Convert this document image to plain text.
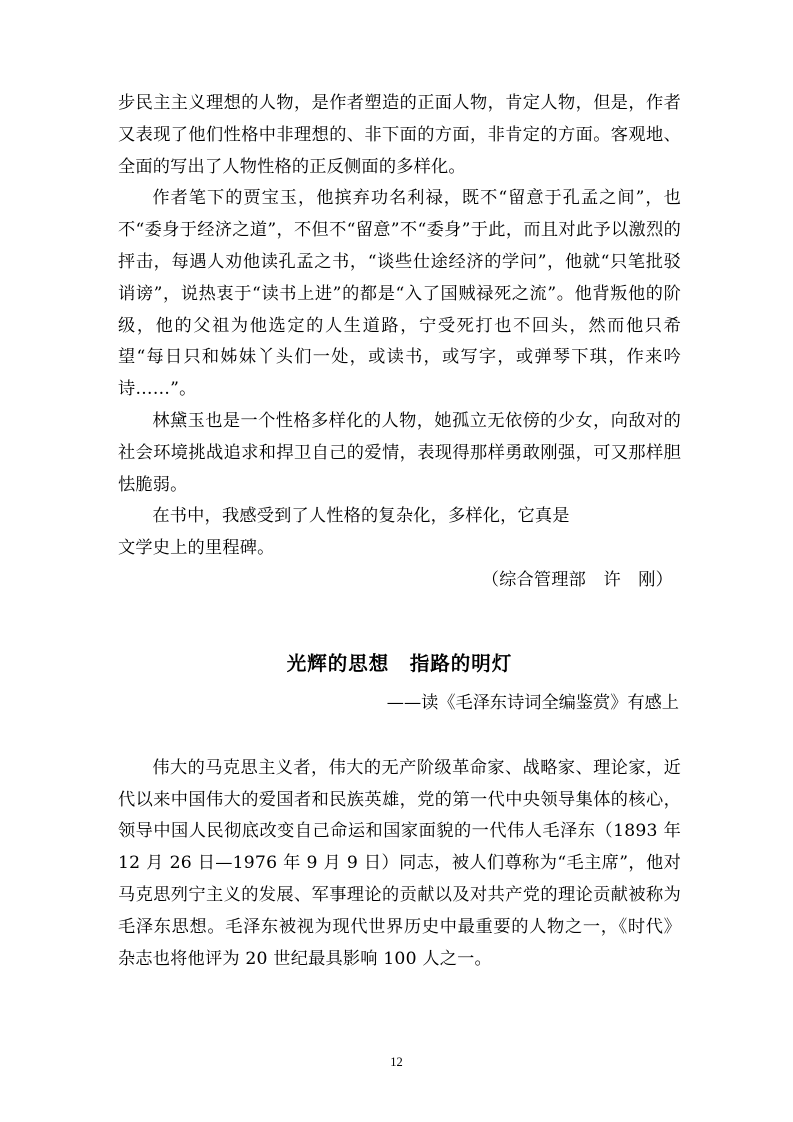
步民主主义理想的人物，是作者塑造的正面人物，肯定人物，但是，作者又表现了他们性格中非理想的、非下面的方面，非肯定的方面。客观地、全面的写出了人物性格的正反侧面的多样化。

作者笔下的贾宝玉，他摈弃功名利禄，既不“留意于孔孟之间”，也不“委身于经济之道”，不但不“留意”不“委身”于此，而且对此予以激烈的抨击，每遇人劝他读孔孟之书，“谈些仕途经济的学问”，他就“只笔批驳诮谤”，说热衷于“读书上进”的都是“入了国贼禄死之流”。他背叛他的阶级，他的父祖为他选定的人生道路，宁受死打也不回头，然而他只希望“每日只和姊妹丫头们一处，或读书，或写字，或弹琴下琪，作来吟诗……”。

林黛玉也是一个性格多样化的人物，她孤立无依傍的少女，向敌对的社会环境挑战追求和捍卫自己的爱情，表现得那样勇敢刚强，可又那样胆怯脆弱。

在书中，我感受到了人性格的复杂化，多样化，它真是

文学史上的里程碑。

（综合管理部　许　刚）

光辉的思想　指路的明灯

——读《毛泽东诗词全编鉴赏》有感上

伟大的马克思主义者，伟大的无产阶级革命家、战略家、理论家，近代以来中国伟大的爱国者和民族英雄，党的第一代中央领导集体的核心，领导中国人民彻底改变自己命运和国家面貌的一代伟人毛泽东（1893 年 12 月 26 日—1976 年 9 月 9 日）同志，被人们尊称为“毛主席”，他对马克思列宁主义的发展、军事理论的贡献以及对共产党的理论贡献被称为毛泽东思想。毛泽东被视为现代世界历史中最重要的人物之一，《时代》杂志也将他评为 20 世纪最具影响 100 人之一。

12
